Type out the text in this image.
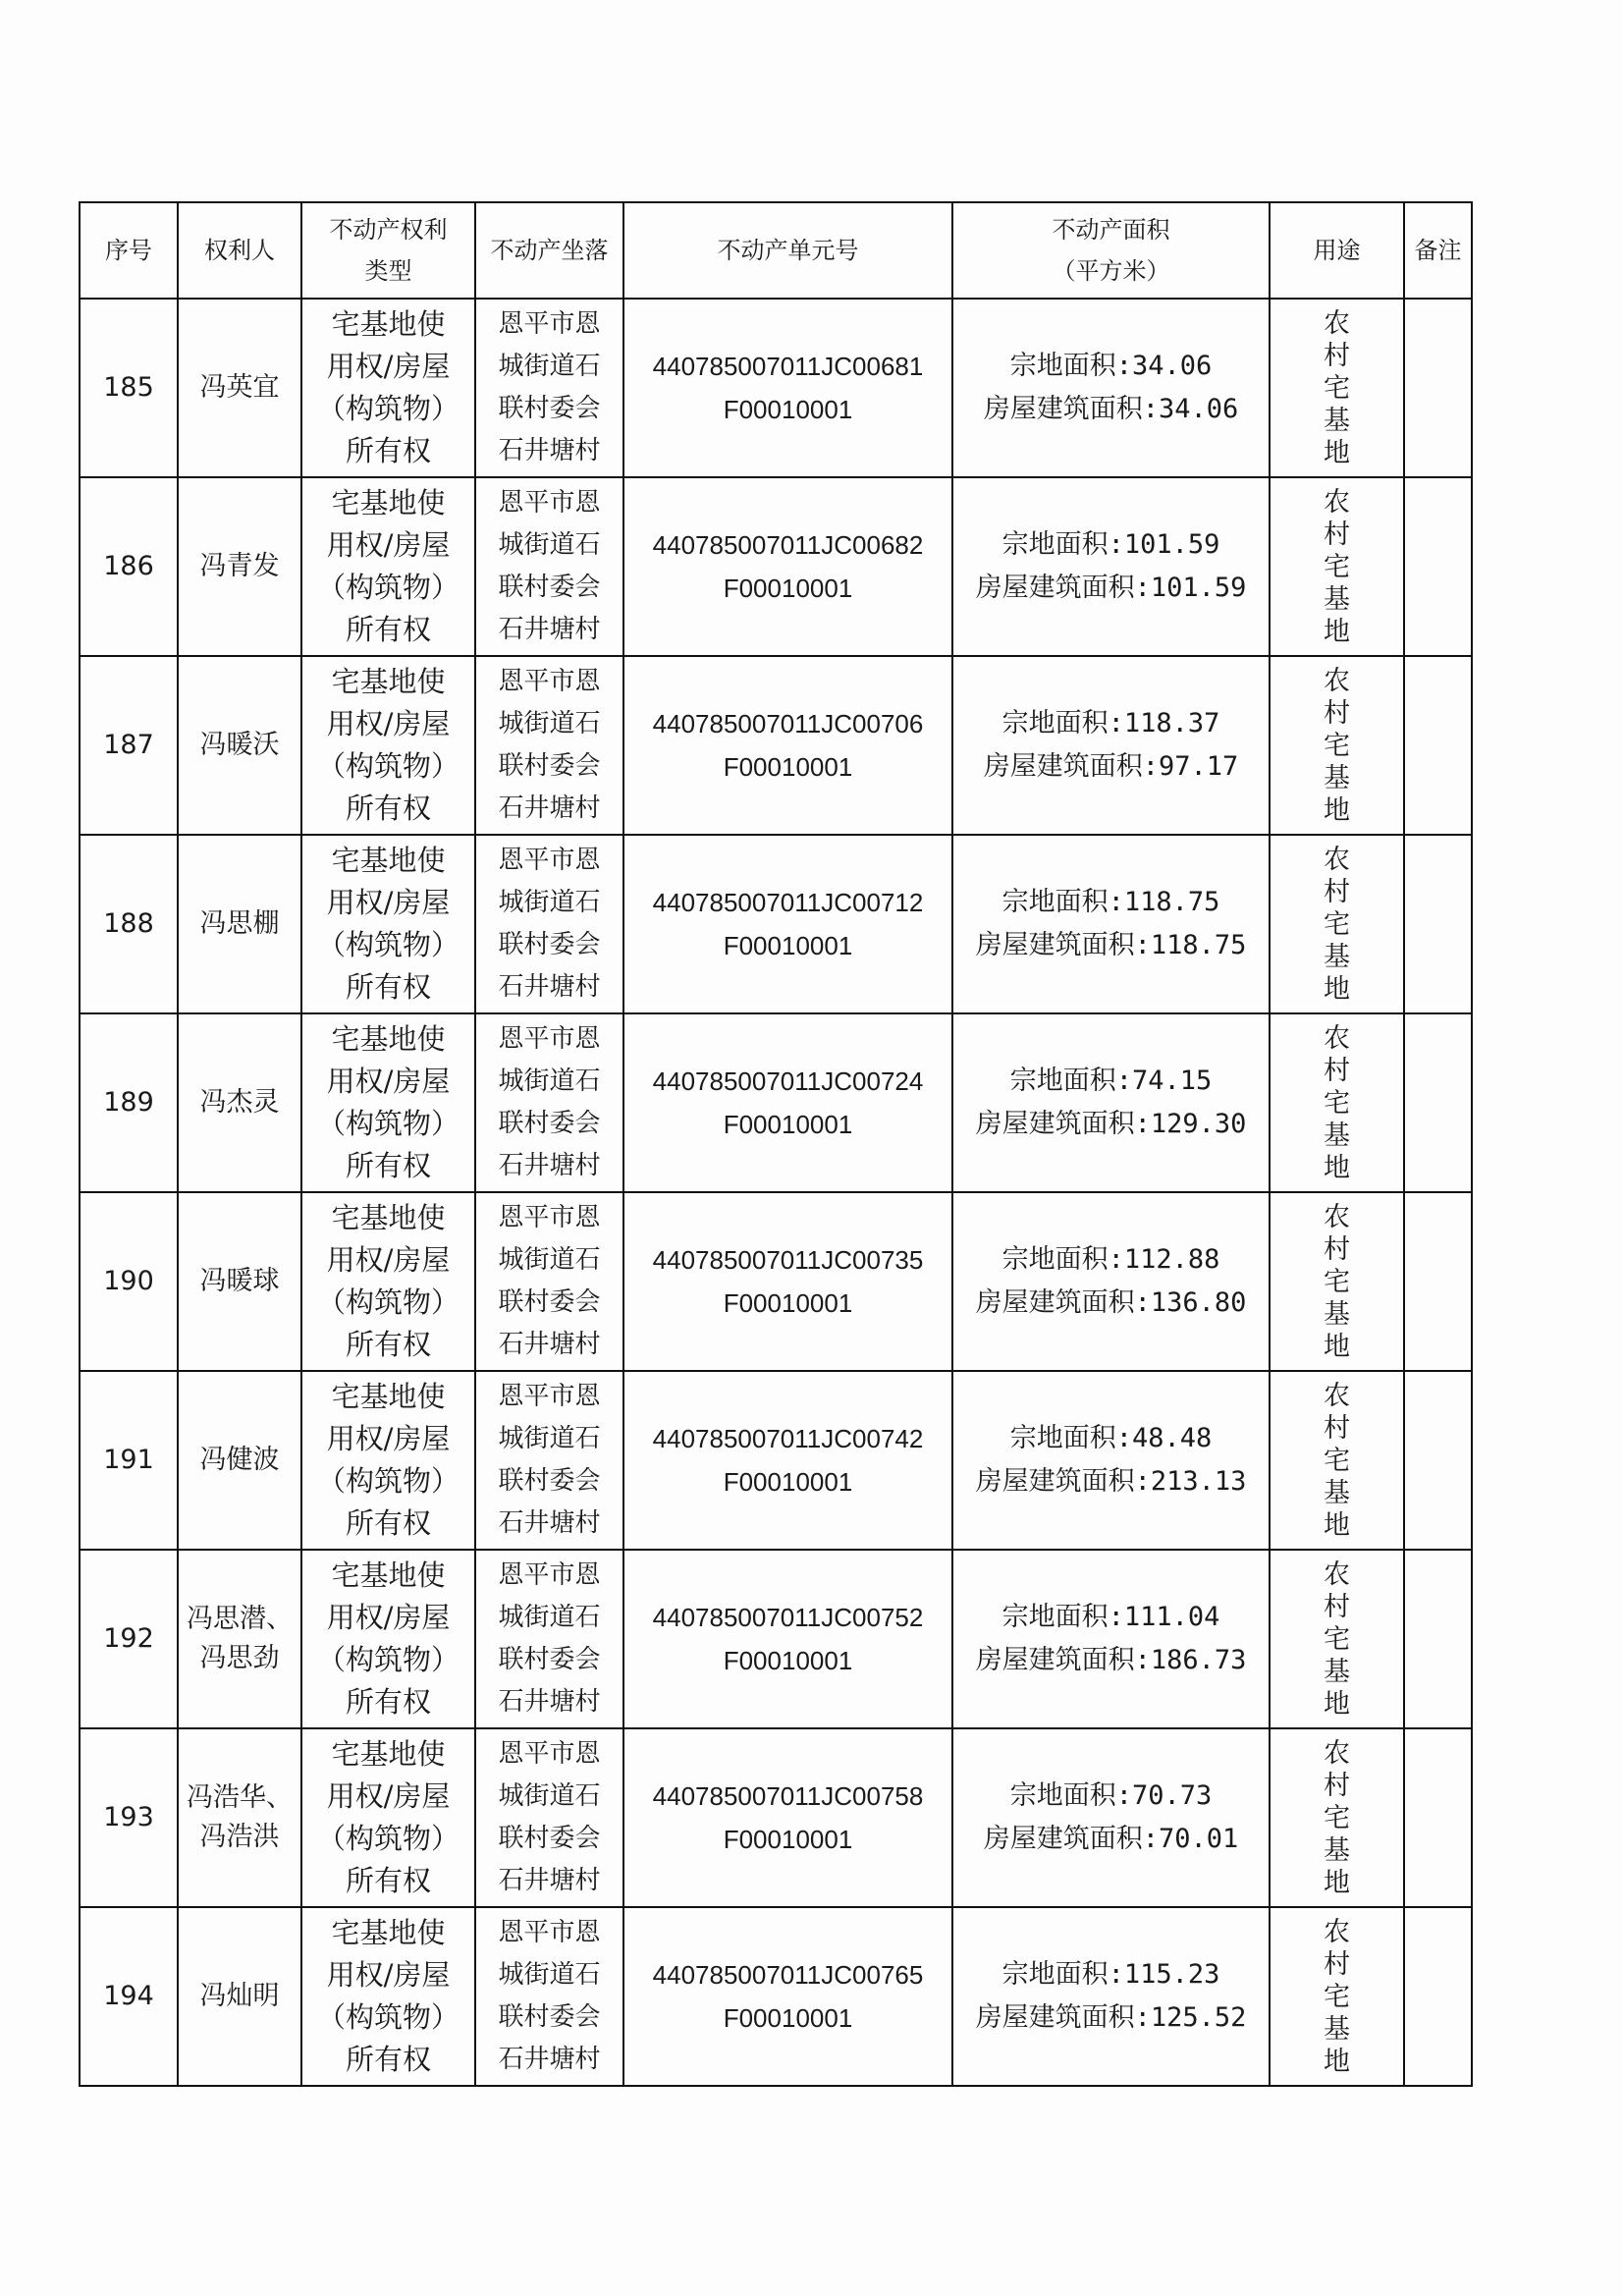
序号	权利人	不动产权利
类型	不动产坐落	不动产单元号	不动产面积
（平方米）	用途	备注

185	冯英宜	宅基地使
用权/房屋
（构筑物）
所有权	恩平市恩
城街道石
联村委会
石井塘村	440785007011JC00681
F00010001	宗地面积:34.06
房屋建筑面积:34.06	农
村
宅
基
地	
186	冯青发	宅基地使
用权/房屋
（构筑物）
所有权	恩平市恩
城街道石
联村委会
石井塘村	440785007011JC00682
F00010001	宗地面积:101.59
房屋建筑面积:101.59	农
村
宅
基
地	
187	冯暖沃	宅基地使
用权/房屋
（构筑物）
所有权	恩平市恩
城街道石
联村委会
石井塘村	440785007011JC00706
F00010001	宗地面积:118.37
房屋建筑面积:97.17	农
村
宅
基
地	
188	冯思棚	宅基地使
用权/房屋
（构筑物）
所有权	恩平市恩
城街道石
联村委会
石井塘村	440785007011JC00712
F00010001	宗地面积:118.75
房屋建筑面积:118.75	农
村
宅
基
地	
189	冯杰灵	宅基地使
用权/房屋
（构筑物）
所有权	恩平市恩
城街道石
联村委会
石井塘村	440785007011JC00724
F00010001	宗地面积:74.15
房屋建筑面积:129.30	农
村
宅
基
地	
190	冯暖球	宅基地使
用权/房屋
（构筑物）
所有权	恩平市恩
城街道石
联村委会
石井塘村	440785007011JC00735
F00010001	宗地面积:112.88
房屋建筑面积:136.80	农
村
宅
基
地	
191	冯健波	宅基地使
用权/房屋
（构筑物）
所有权	恩平市恩
城街道石
联村委会
石井塘村	440785007011JC00742
F00010001	宗地面积:48.48
房屋建筑面积:213.13	农
村
宅
基
地	
192	冯思潜、
冯思劲	宅基地使
用权/房屋
（构筑物）
所有权	恩平市恩
城街道石
联村委会
石井塘村	440785007011JC00752
F00010001	宗地面积:111.04
房屋建筑面积:186.73	农
村
宅
基
地	
193	冯浩华、
冯浩洪	宅基地使
用权/房屋
（构筑物）
所有权	恩平市恩
城街道石
联村委会
石井塘村	440785007011JC00758
F00010001	宗地面积:70.73
房屋建筑面积:70.01	农
村
宅
基
地	
194	冯灿明	宅基地使
用权/房屋
（构筑物）
所有权	恩平市恩
城街道石
联村委会
石井塘村	440785007011JC00765
F00010001	宗地面积:115.23
房屋建筑面积:125.52	农
村
宅
基
地	
